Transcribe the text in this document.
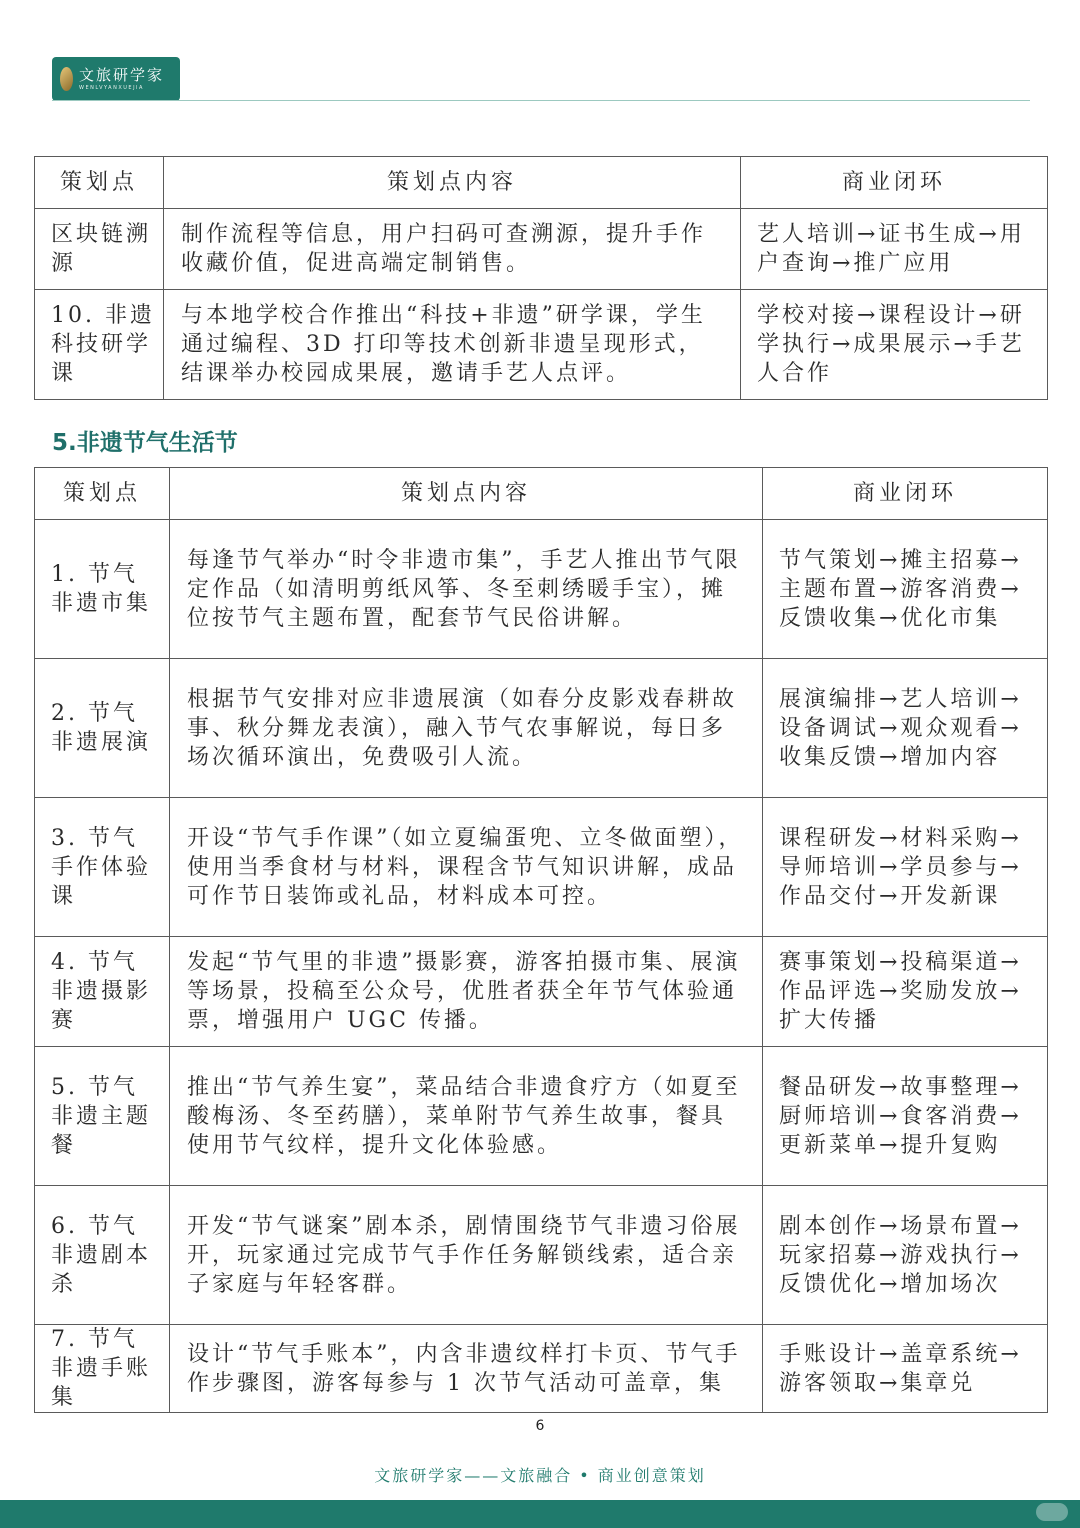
文旅研学家
WENLVYANXUEJIA
策划点	策划点内容	商业闭环
区块链溯源	制作流程等信息，用户扫码可查溯源，提升手作收藏价值，促进高端定制销售。	艺人培训→证书生成→用户查询→推广应用
10. 非遗科技研学课	与本地学校合作推出“科技+非遗”研学课，学生通过编程、3D 打印等技术创新非遗呈现形式，结课举办校园成果展，邀请手艺人点评。	学校对接→课程设计→研学执行→成果展示→手艺人合作
5.非遗节气生活节
策划点	策划点内容	商业闭环
1. 节气非遗市集	每逢节气举办“时令非遗市集”，手艺人推出节气限定作品（如清明剪纸风筝、冬至刺绣暖手宝），摊位按节气主题布置，配套节气民俗讲解。	节气策划→摊主招募→主题布置→游客消费→反馈收集→优化市集
2. 节气非遗展演	根据节气安排对应非遗展演（如春分皮影戏春耕故事、秋分舞龙表演），融入节气农事解说，每日多场次循环演出，免费吸引人流。	展演编排→艺人培训→设备调试→观众观看→收集反馈→增加内容
3. 节气手作体验课	开设“节气手作课”（如立夏编蛋兜、立冬做面塑），使用当季食材与材料，课程含节气知识讲解，成品可作节日装饰或礼品，材料成本可控。	课程研发→材料采购→导师培训→学员参与→作品交付→开发新课
4. 节气非遗摄影赛	发起“节气里的非遗”摄影赛，游客拍摄市集、展演等场景，投稿至公众号，优胜者获全年节气体验通票，增强用户 UGC 传播。	赛事策划→投稿渠道→作品评选→奖励发放→扩大传播
5. 节气非遗主题餐	推出“节气养生宴”，菜品结合非遗食疗方（如夏至酸梅汤、冬至药膳），菜单附节气养生故事，餐具使用节气纹样，提升文化体验感。	餐品研发→故事整理→厨师培训→食客消费→更新菜单→提升复购
6. 节气非遗剧本杀	开发“节气谜案”剧本杀，剧情围绕节气非遗习俗展开，玩家通过完成节气手作任务解锁线索，适合亲子家庭与年轻客群。	剧本创作→场景布置→玩家招募→游戏执行→反馈优化→增加场次
7. 节气非遗手账集	设计“节气手账本”，内含非遗纹样打卡页、节气手作步骤图，游客每参与 1 次节气活动可盖章，集	手账设计→盖章系统→游客领取→集章兑
6
文旅研学家——文旅融合 • 商业创意策划
